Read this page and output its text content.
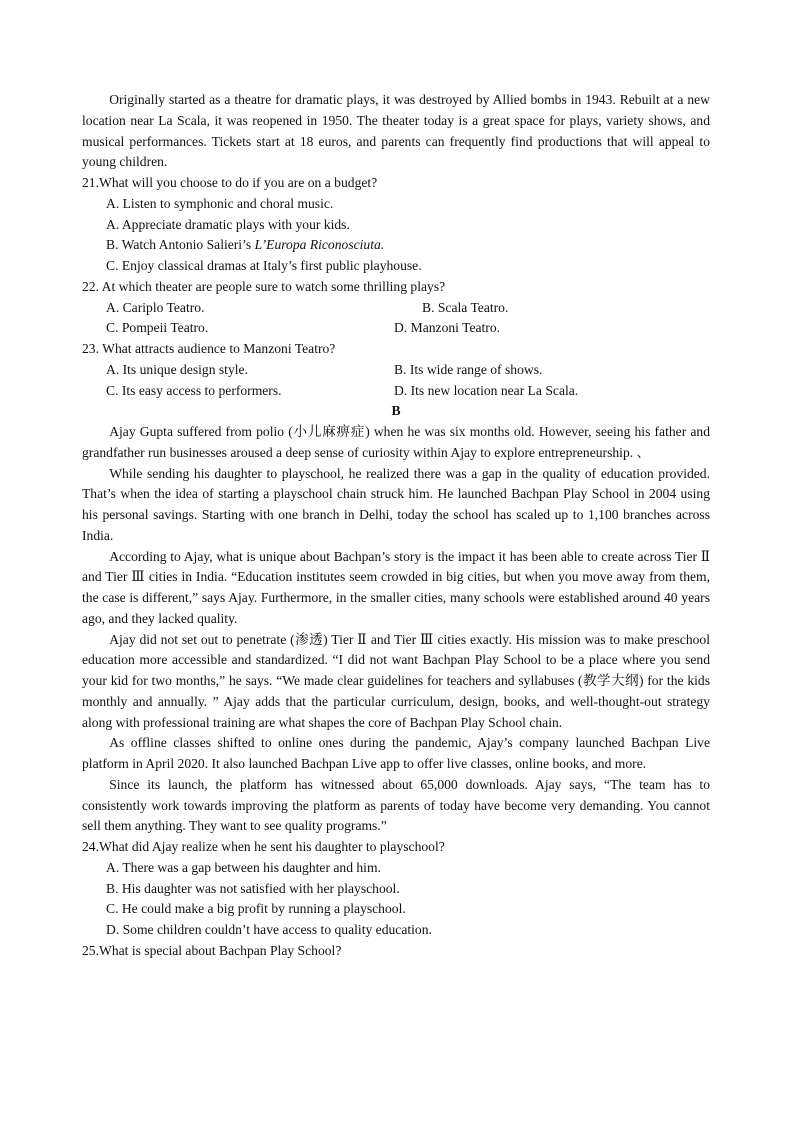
Originally started as a theatre for dramatic plays, it was destroyed by Allied bombs in 1943. Rebuilt at a new location near La Scala, it was reopened in 1950. The theater today is a great space for plays, variety shows, and musical performances. Tickets start at 18 euros, and parents can frequently find productions that will appeal to young children.

21.What will you choose to do if you are on a budget?

A. Listen to symphonic and choral music.

A. Appreciate dramatic plays with your kids.

B. Watch Antonio Salieri’s L’Europa Riconosciuta.

C. Enjoy classical dramas at Italy’s first public playhouse.

22. At which theater are people sure to watch some thrilling plays?

A. Cariplo Teatro.	B. Scala Teatro.
C. Pompeii Teatro.	D. Manzoni Teatro.

23. What attracts audience to Manzoni Teatro?

A. Its unique design style.	B. Its wide range of shows.
C. Its easy access to performers.	D. Its new location near La Scala.

B

Ajay Gupta suffered from polio (小儿麻痹症) when he was six months old. However, seeing his father and grandfather run businesses aroused a deep sense of curiosity within Ajay to explore entrepreneurship. 、

While sending his daughter to playschool, he realized there was a gap in the quality of education provided. That’s when the idea of starting a playschool chain struck him. He launched Bachpan Play School in 2004 using his personal savings. Starting with one branch in Delhi, today the school has scaled up to 1,100 branches across India.

According to Ajay, what is unique about Bachpan’s story is the impact it has been able to create across Tier Ⅱ and Tier Ⅲ cities in India. “Education institutes seem crowded in big cities, but when you move away from them, the case is different,” says Ajay. Furthermore, in the smaller cities, many schools were established around 40 years ago, and they lacked quality.

Ajay did not set out to penetrate (渗透) Tier Ⅱ and Tier Ⅲ cities exactly. His mission was to make preschool education more accessible and standardized. “I did not want Bachpan Play School to be a place where you send your kid for two months,” he says. “We made clear guidelines for teachers and syllabuses (教学大纲) for the kids monthly and annually. ” Ajay adds that the particular curriculum, design, books, and well-thought-out strategy along with professional training are what shapes the core of Bachpan Play School chain.

As offline classes shifted to online ones during the pandemic, Ajay’s company launched Bachpan Live platform in April 2020. It also launched Bachpan Live app to offer live classes, online books, and more.

Since its launch, the platform has witnessed about 65,000 downloads. Ajay says, “The team has to consistently work towards improving the platform as parents of today have become very demanding. You cannot sell them anything. They want to see quality programs.”

24.What did Ajay realize when he sent his daughter to playschool?

A. There was a gap between his daughter and him.

B. His daughter was not satisfied with her playschool.

C. He could make a big profit by running a playschool.

D. Some children couldn’t have access to quality education.

25.What is special about Bachpan Play School?
